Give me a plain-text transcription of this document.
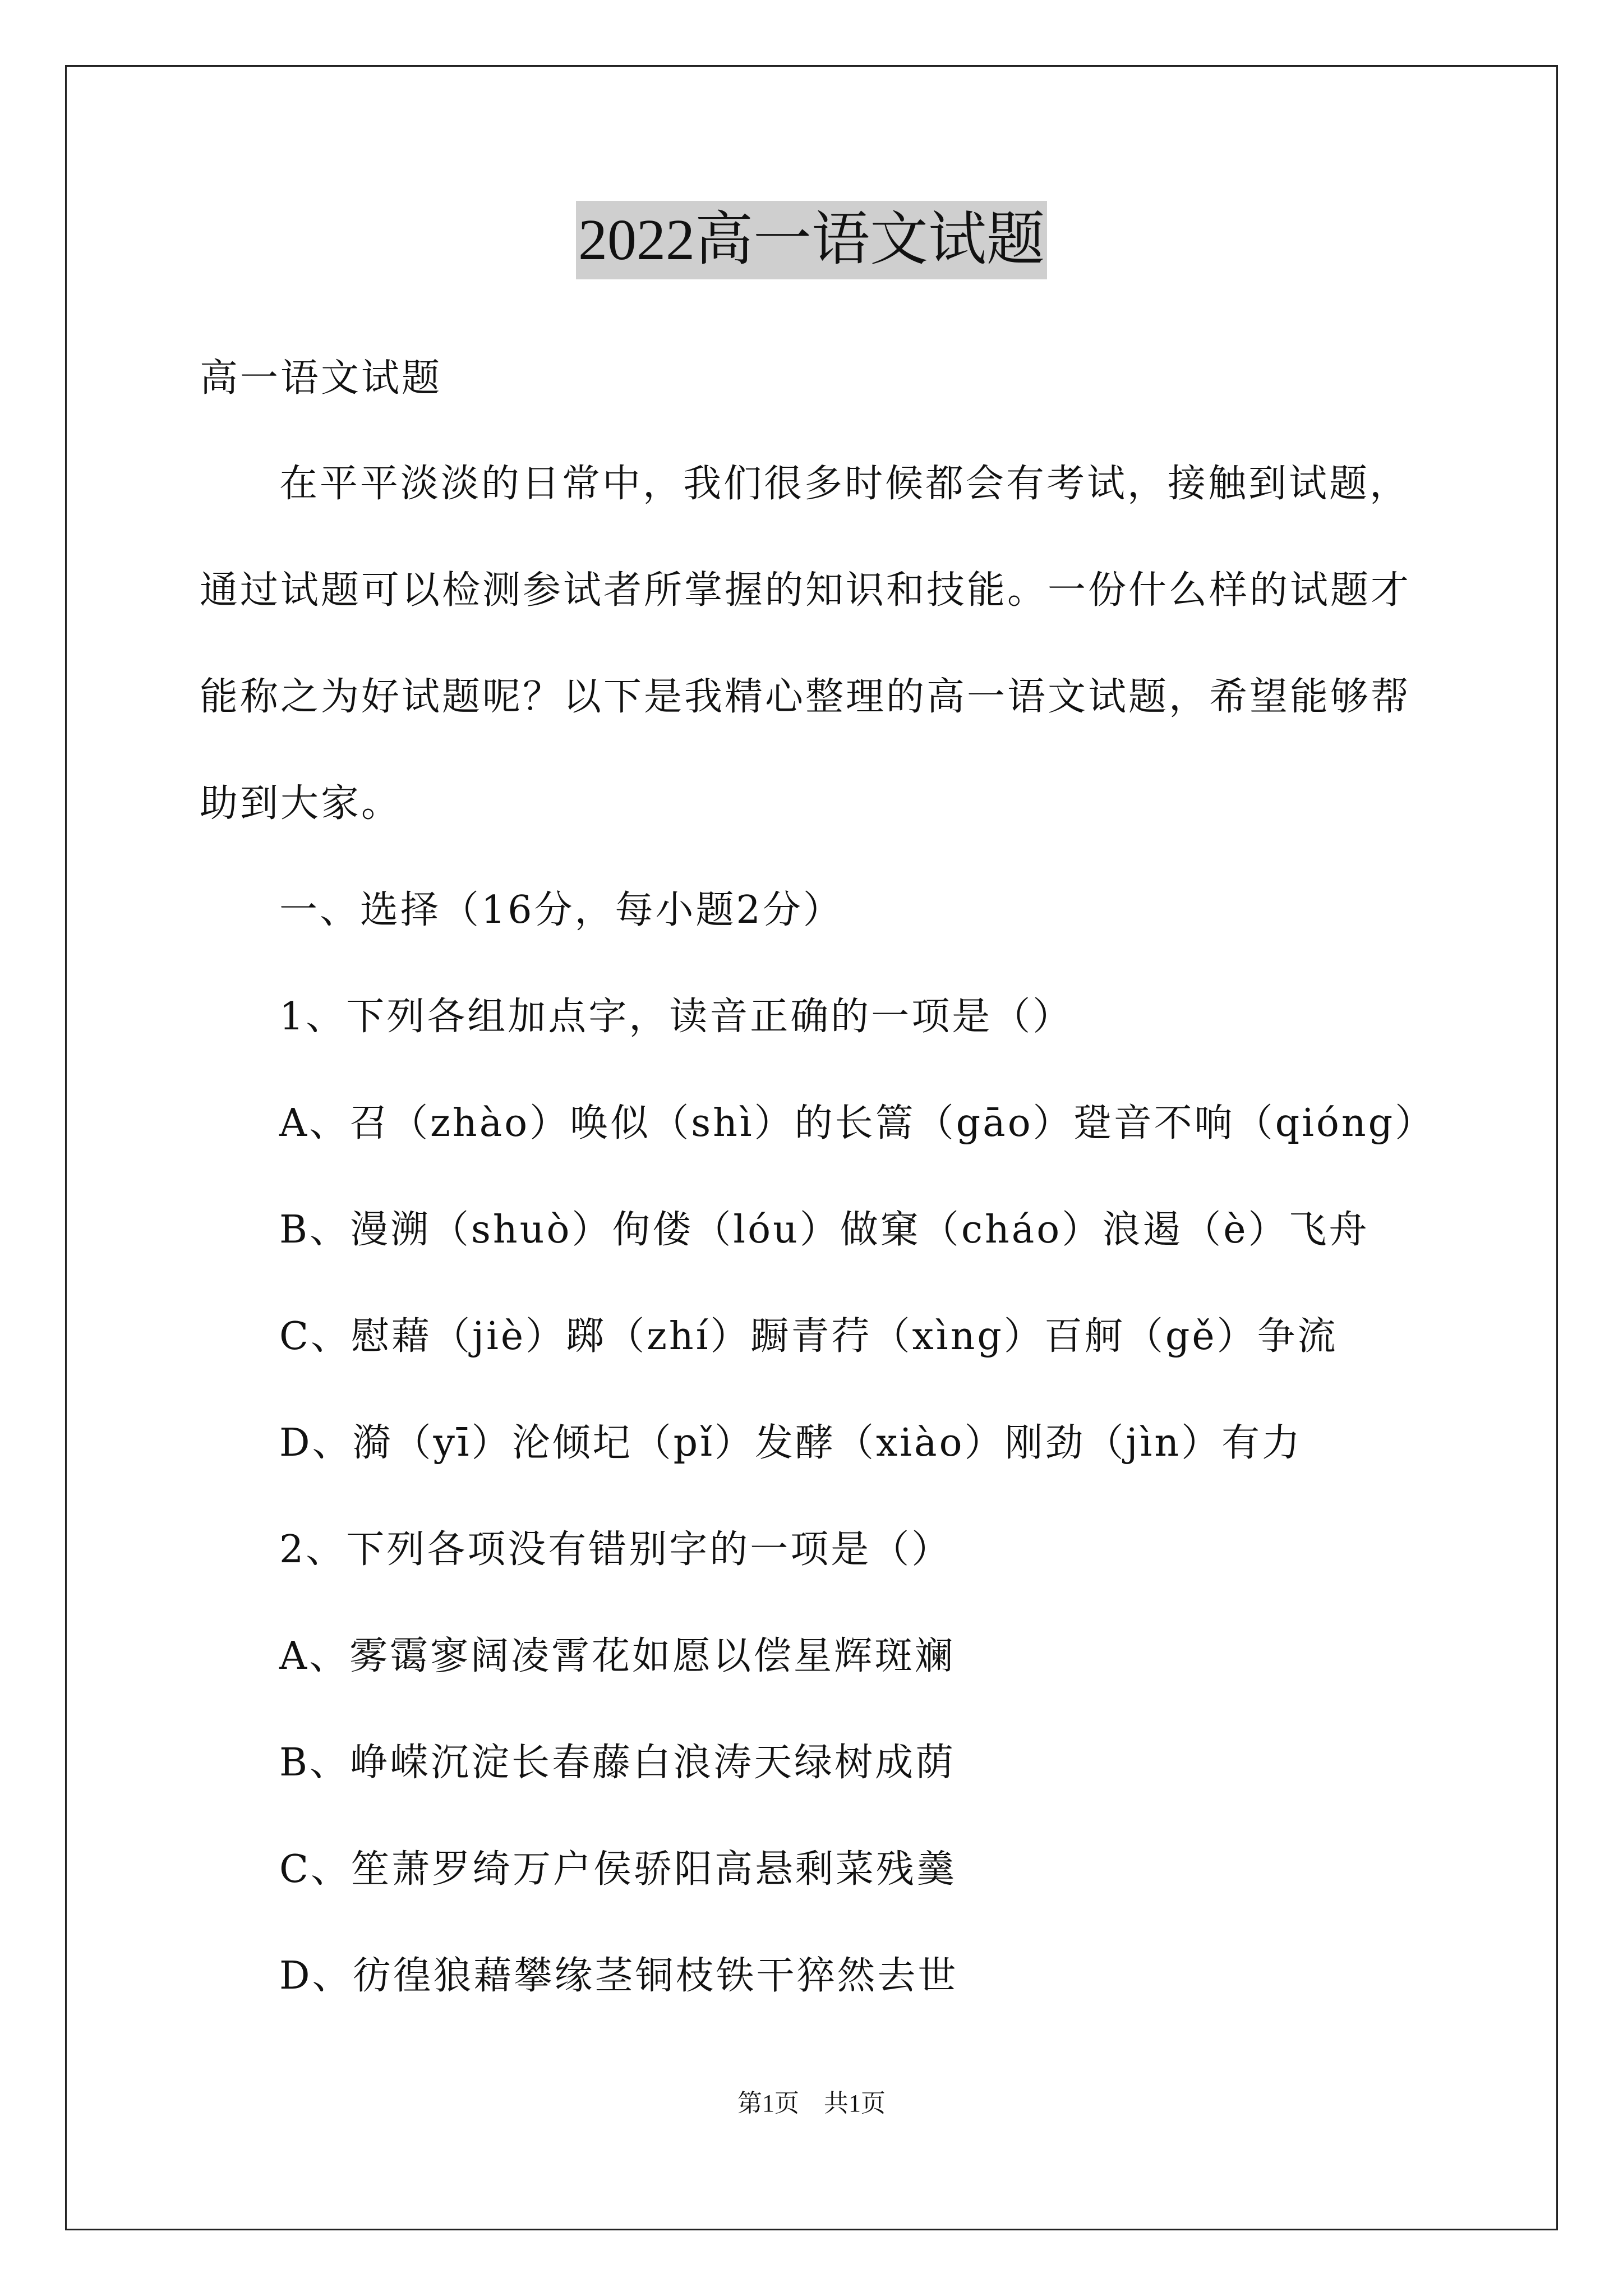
2022高一语文试题
高一语文试题
在平平淡淡的日常中，我们很多时候都会有考试，接触到试题，
通过试题可以检测参试者所掌握的知识和技能。一份什么样的试题才
能称之为好试题呢？以下是我精心整理的高一语文试题，希望能够帮
助到大家。
一、选择（16分，每小题2分）
1、下列各组加点字，读音正确的一项是（）
A、召（zhào）唤似（shì）的长篙（gāo）跫音不响（qióng）
B、漫溯（shuò）佝偻（lóu）做窠（cháo）浪遏（è）飞舟
C、慰藉（jiè）踯（zhí）蹰青荇（xìng）百舸（gě）争流
D、漪（yī）沦倾圮（pǐ）发酵（xiào）刚劲（jìn）有力
2、下列各项没有错别字的一项是（）
A、雾霭寥阔凌霄花如愿以偿星辉斑斓
B、峥嵘沉淀长春藤白浪涛天绿树成荫
C、笙萧罗绮万户侯骄阳高悬剩菜残羹
D、彷徨狼藉攀缘茎铜枝铁干猝然去世
第1页　共1页
